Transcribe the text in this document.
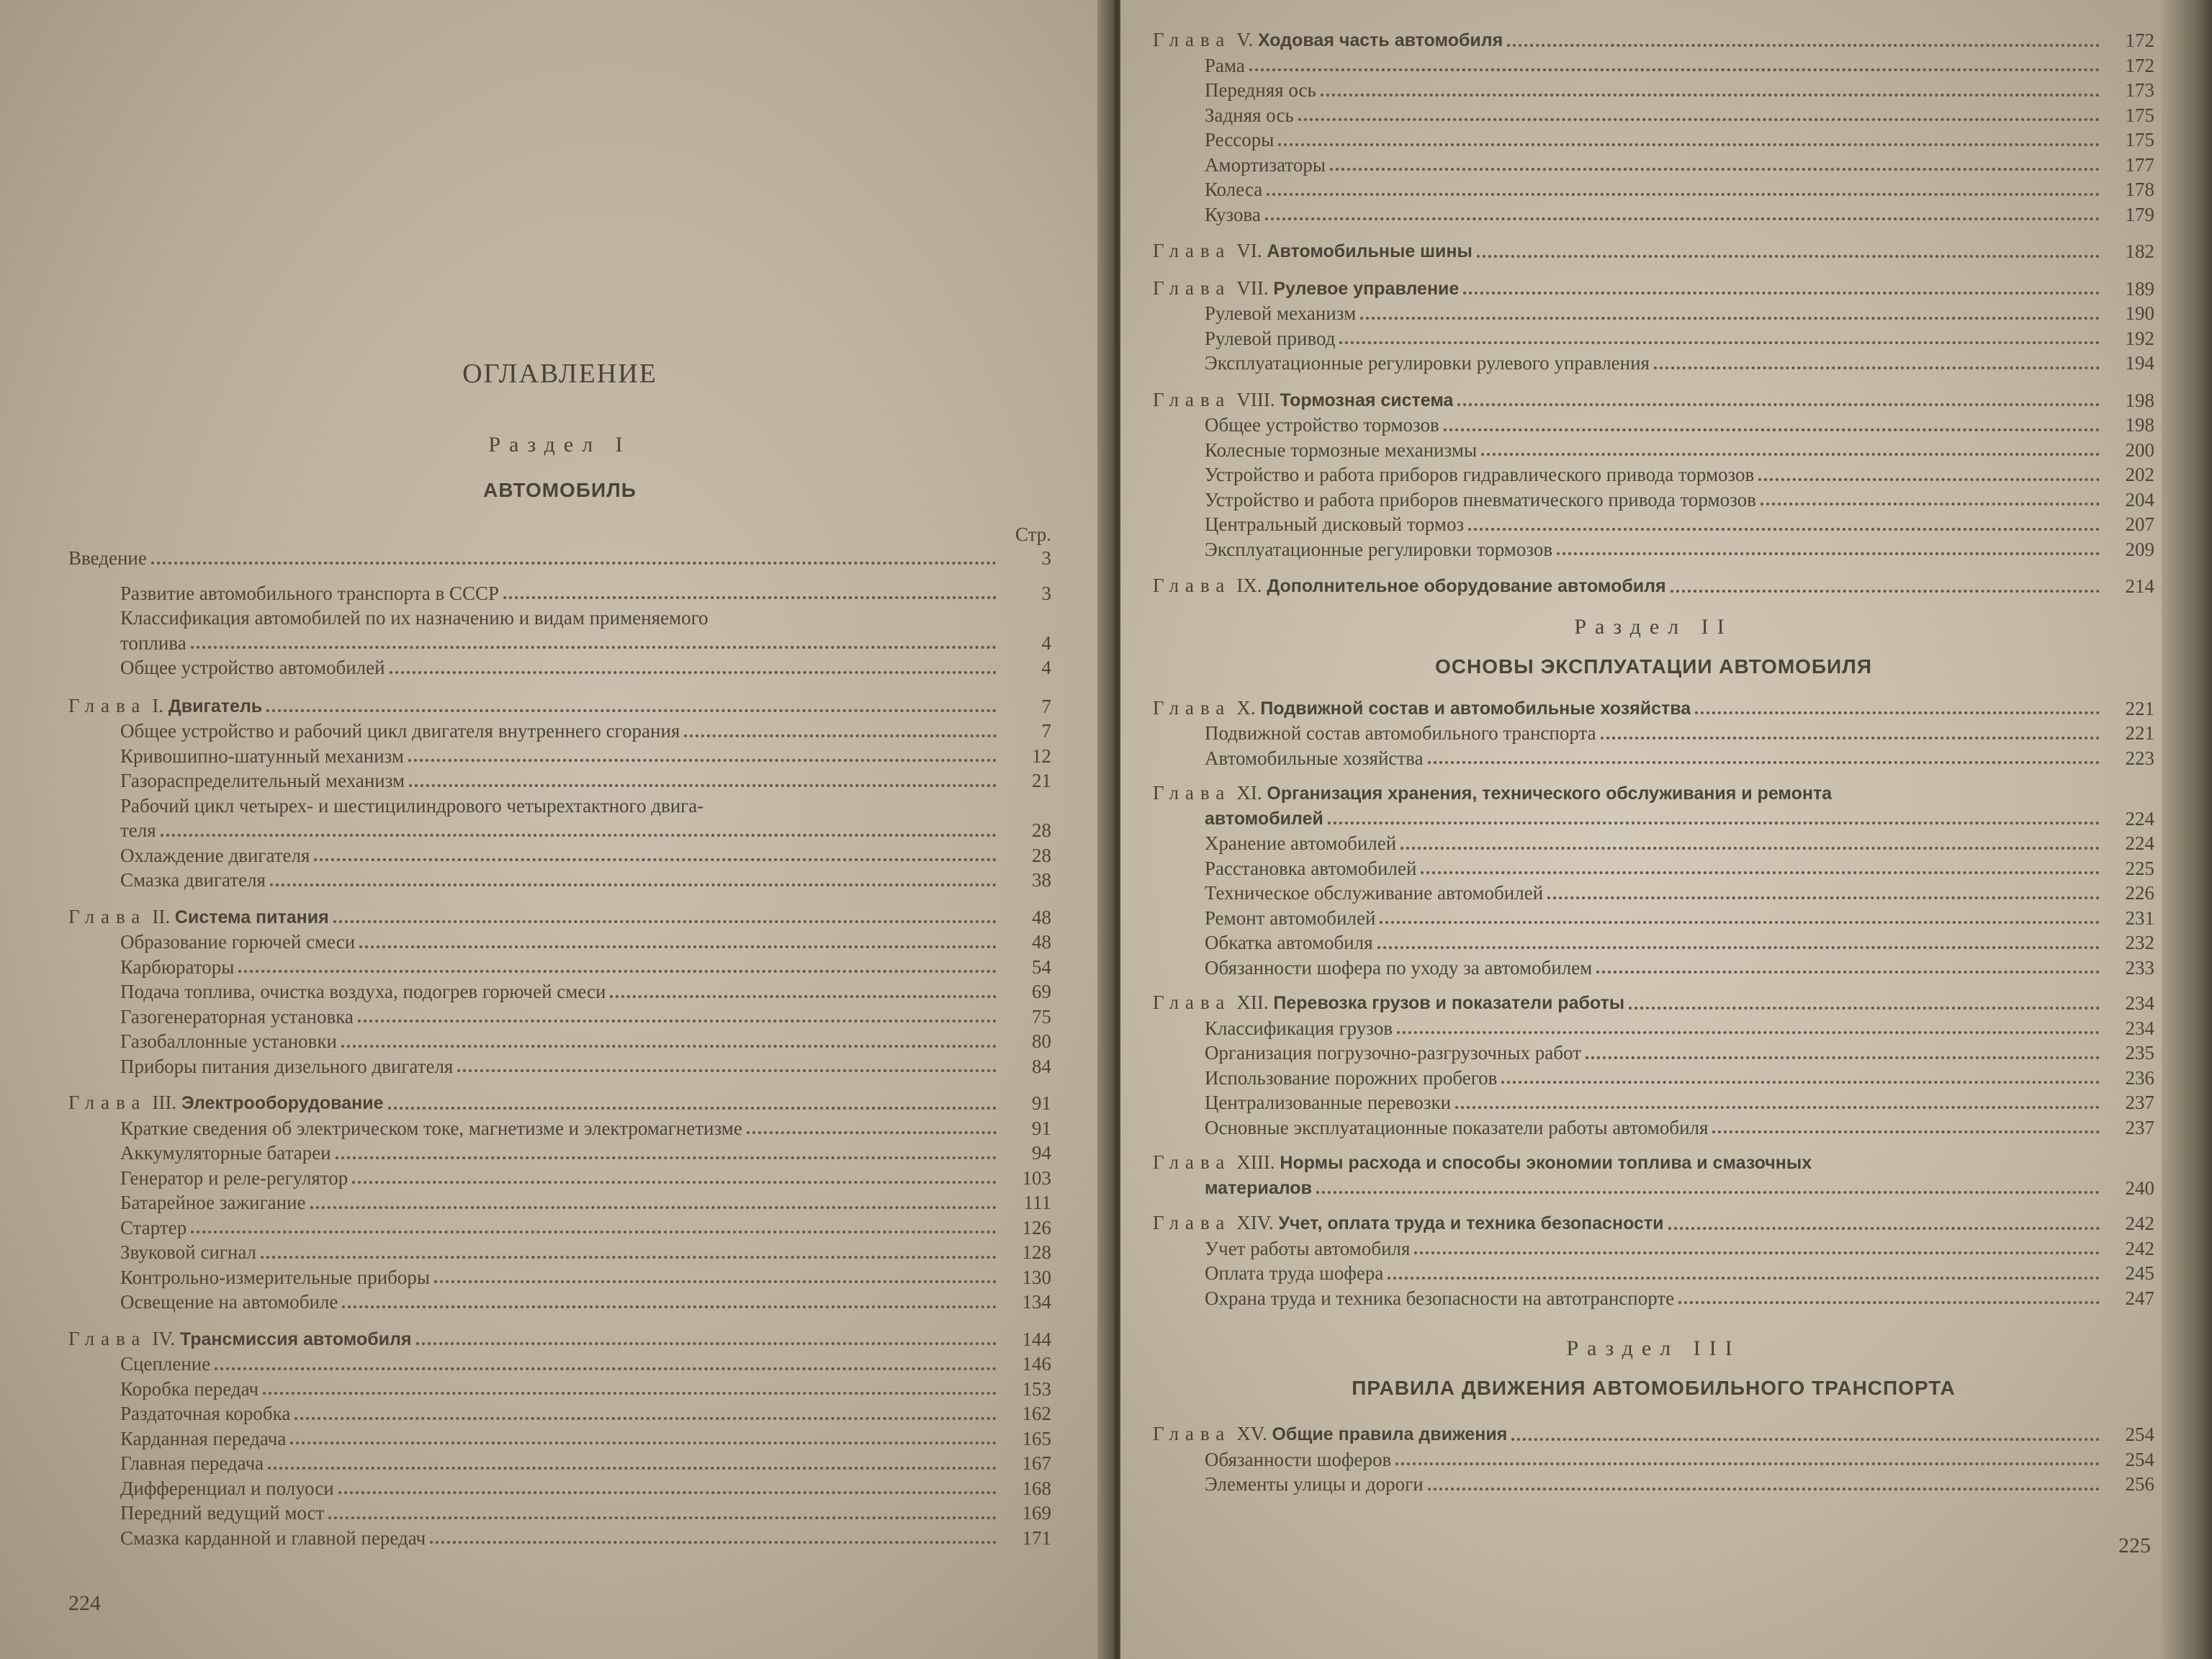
ОГЛАВЛЕНИЕ

Раздел I

АВТОМОБИЛЬ

Стр.
Введение	3
Развитие автомобильного транспорта в СССР	3
Классификация автомобилей по их назначению и видам применяемого
топлива	4
Общее устройство автомобилей	4
Глава I. Двигатель	7
Общее устройство и рабочий цикл двигателя внутреннего сгорания	7
Кривошипно-шатунный механизм	12
Газораспределительный механизм	21
Рабочий цикл четырех- и шестицилиндрового четырехтактного двига-
теля	28
Охлаждение двигателя	28
Смазка двигателя	38
Глава II. Система питания	48
Образование горючей смеси	48
Карбюраторы	54
Подача топлива, очистка воздуха, подогрев горючей смеси	69
Газогенераторная установка	75
Газобаллонные установки	80
Приборы питания дизельного двигателя	84
Глава III. Электрооборудование	91
Краткие сведения об электрическом токе, магнетизме и электромагнетизме	91
Аккумуляторные батареи	94
Генератор и реле-регулятор	103
Батарейное зажигание	111
Стартер	126
Звуковой сигнал	128
Контрольно-измерительные приборы	130
Освещение на автомобиле	134
Глава IV. Трансмиссия автомобиля	144
Сцепление	146
Коробка передач	153
Раздаточная коробка	162
Карданная передача	165
Главная передача	167
Дифференциал и полуоси	168
Передний ведущий мост	169
Смазка карданной и главной передач	171
224
Глава V. Ходовая часть автомобиля	172
Рама	172
Передняя ось	173
Задняя ось	175
Рессоры	175
Амортизаторы	177
Колеса	178
Кузова	179
Глава VI. Автомобильные шины	182
Глава VII. Рулевое управление	189
Рулевой механизм	190
Рулевой привод	192
Эксплуатационные регулировки рулевого управления	194
Глава VIII. Тормозная система	198
Общее устройство тормозов	198
Колесные тормозные механизмы	200
Устройство и работа приборов гидравлического привода тормозов	202
Устройство и работа приборов пневматического привода тормозов	204
Центральный дисковый тормоз	207
Эксплуатационные регулировки тормозов	209
Глава IX. Дополнительное оборудование автомобиля	214

Раздел II

ОСНОВЫ ЭКСПЛУАТАЦИИ АВТОМОБИЛЯ

Глава X. Подвижной состав и автомобильные хозяйства	221
Подвижной состав автомобильного транспорта	221
Автомобильные хозяйства	223
Глава XI. Организация хранения, технического обслуживания и ремонта
автомобилей	224
Хранение автомобилей	224
Расстановка автомобилей	225
Техническое обслуживание автомобилей	226
Ремонт автомобилей	231
Обкатка автомобиля	232
Обязанности шофера по уходу за автомобилем	233
Глава XII. Перевозка грузов и показатели работы	234
Классификация грузов	234
Организация погрузочно-разгрузочных работ	235
Использование порожних пробегов	236
Централизованные перевозки	237
Основные эксплуатационные показатели работы автомобиля	237
Глава XIII. Нормы расхода и способы экономии топлива и смазочных
материалов	240
Глава XIV. Учет, оплата труда и техника безопасности	242
Учет работы автомобиля	242
Оплата труда шофера	245
Охрана труда и техника безопасности на автотранспорте	247

Раздел III

ПРАВИЛА ДВИЖЕНИЯ АВТОМОБИЛЬНОГО ТРАНСПОРТА

Глава XV. Общие правила движения	254
Обязанности шоферов	254
Элементы улицы и дороги	256
225
